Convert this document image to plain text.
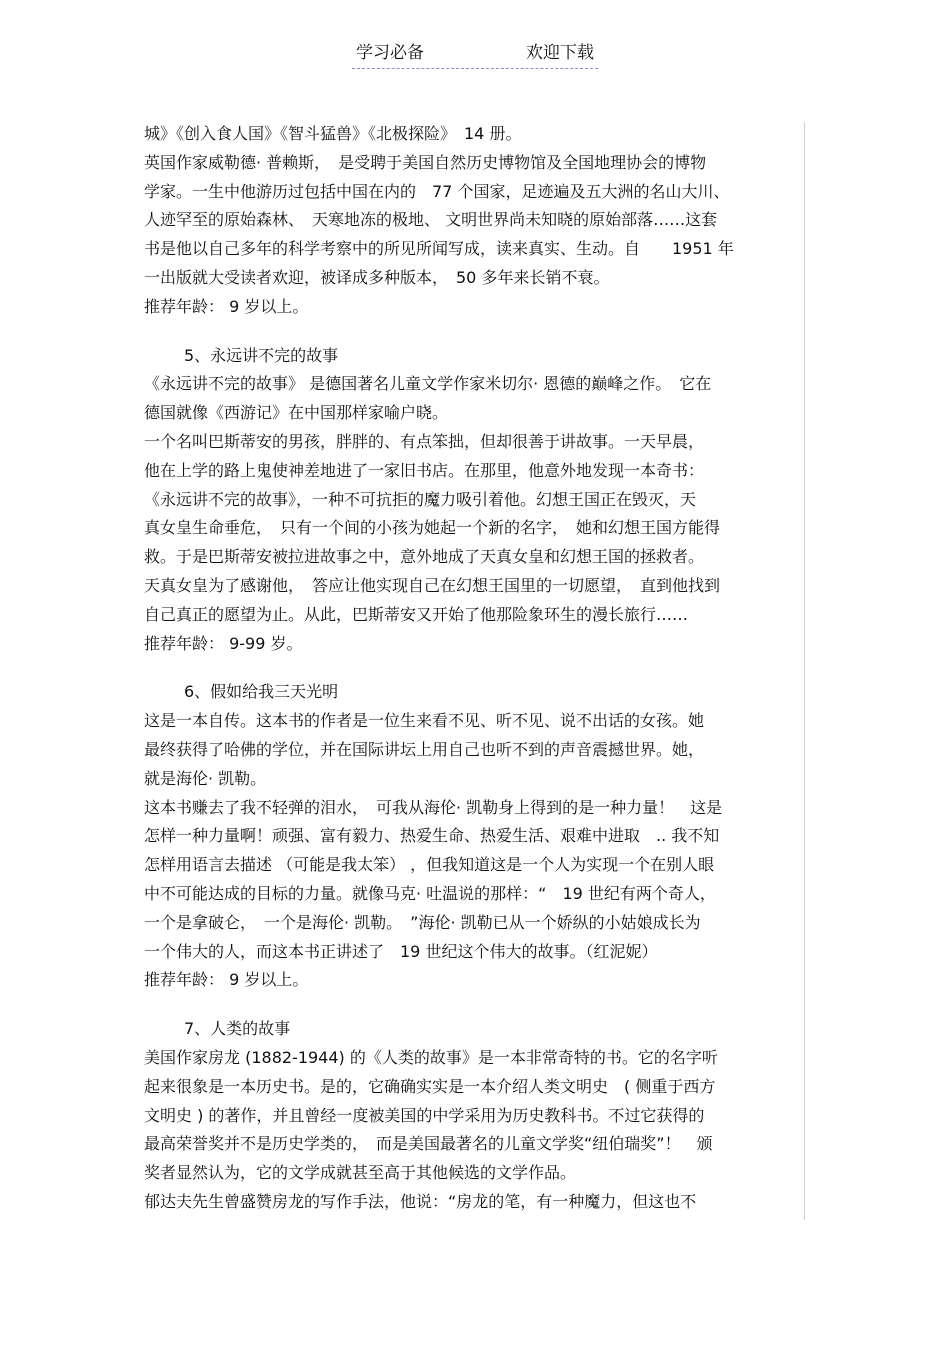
学习必备	欢迎下载
城》《创入食人国》《智斗猛兽》《北极探险》　14 册。
英国作家威勒德· 普赖斯，　是受聘于美国自然历史博物馆及全国地理协会的博物
学家。一生中他游历过包括中国在内的　77 个国家，足迹遍及五大洲的名山大川、
人迹罕至的原始森林、　天寒地冻的极地、 文明世界尚未知晓的原始部落……这套
书是他以自己多年的科学考察中的所见所闻写成，读来真实、生动。自　　1951 年
一出版就大受读者欢迎，被译成多种版本，　50 多年来长销不衰。
推荐年龄： 9 岁以上。
5、永远讲不完的故事
《永远讲不完的故事》 是德国著名儿童文学作家米切尔· 恩德的巅峰之作。　它在
德国就像《西游记》在中国那样家喻户晓。
一个名叫巴斯蒂安的男孩，胖胖的、有点笨拙，但却很善于讲故事。一天早晨，
他在上学的路上鬼使神差地进了一家旧书店。在那里，他意外地发现一本奇书：
《永远讲不完的故事》，一种不可抗拒的魔力吸引着他。幻想王国正在毁灭，天
真女皇生命垂危，　只有一个间的小孩为她起一个新的名字，　她和幻想王国方能得
救。于是巴斯蒂安被拉进故事之中，意外地成了天真女皇和幻想王国的拯救者。
天真女皇为了感谢他，　答应让他实现自己在幻想王国里的一切愿望，　直到他找到
自己真正的愿望为止。从此，巴斯蒂安又开始了他那险象环生的漫长旅行……
推荐年龄： 9-99 岁。
6、假如给我三天光明
这是一本自传。这本书的作者是一位生来看不见、听不见、说不出话的女孩。她
最终获得了哈佛的学位，并在国际讲坛上用自己也听不到的声音震撼世界。她，
就是海伦· 凯勒。
这本书赚去了我不轻弹的泪水，　可我从海伦· 凯勒身上得到的是一种力量！　这是
怎样一种力量啊！顽强、富有毅力、热爱生命、热爱生活、艰难中进取　.. 我不知
怎样用语言去描述 （可能是我太笨） ，但我知道这是一个人为实现一个在别人眼
中不可能达成的目标的力量。就像马克· 吐温说的那样：“　19 世纪有两个奇人，
一个是拿破仑，　一个是海伦· 凯勒。　”海伦· 凯勒已从一个娇纵的小姑娘成长为
一个伟大的人，而这本书正讲述了　19 世纪这个伟大的故事。（红泥妮）
推荐年龄： 9 岁以上。
7、人类的故事
美国作家房龙 (1882-1944) 的《人类的故事》是一本非常奇特的书。它的名字听
起来很象是一本历史书。是的，它确确实实是一本介绍人类文明史　( 侧重于西方
文明史 ) 的著作，并且曾经一度被美国的中学采用为历史教科书。不过它获得的
最高荣誉奖并不是历史学类的，　而是美国最著名的儿童文学奖“纽伯瑞奖”！　颁
奖者显然认为，它的文学成就甚至高于其他候选的文学作品。
郁达夫先生曾盛赞房龙的写作手法，他说：“房龙的笔，有一种魔力，但这也不
